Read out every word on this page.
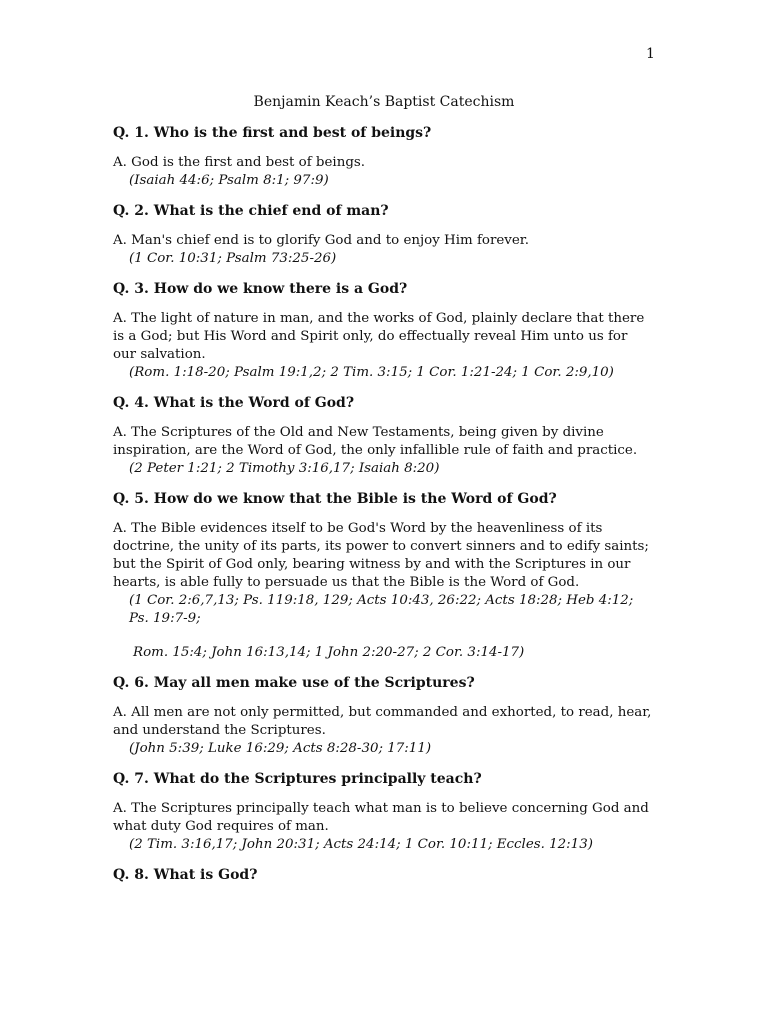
1
Benjamin Keach’s Baptist Catechism

Q. 1. Who is the first and best of beings?

A. God is the first and best of beings.

(Isaiah 44:6; Psalm 8:1; 97:9)

Q. 2. What is the chief end of man?

A. Man's chief end is to glorify God and to enjoy Him forever.

(1 Cor. 10:31; Psalm 73:25-26)

Q. 3. How do we know there is a God?

A. The light of nature in man, and the works of God, plainly declare that there is a God; but His Word and Spirit only, do effectually reveal Him unto us for our salvation.

(Rom. 1:18-20; Psalm 19:1,2; 2 Tim. 3:15; 1 Cor. 1:21-24; 1 Cor. 2:9,10)

Q. 4. What is the Word of God?

A. The Scriptures of the Old and New Testaments, being given by divine inspiration, are the Word of God, the only infallible rule of faith and practice.

(2 Peter 1:21; 2 Timothy 3:16,17; Isaiah 8:20)

Q. 5. How do we know that the Bible is the Word of God?

A. The Bible evidences itself to be God's Word by the heavenliness of its doctrine, the unity of its parts, its power to convert sinners and to edify saints; but the Spirit of God only, bearing witness by and with the Scriptures in our hearts, is able fully to persuade us that the Bible is the Word of God.

(1 Cor. 2:6,7,13; Ps. 119:18, 129; Acts 10:43, 26:22; Acts 18:28; Heb 4:12; Ps. 19:7-9;

Rom. 15:4; John 16:13,14; 1 John 2:20-27; 2 Cor. 3:14-17)

Q. 6. May all men make use of the Scriptures?

A. All men are not only permitted, but commanded and exhorted, to read, hear, and understand the Scriptures.

(John 5:39; Luke 16:29; Acts 8:28-30; 17:11)

Q. 7. What do the Scriptures principally teach?

A. The Scriptures principally teach what man is to believe concerning God and what duty God requires of man.

(2 Tim. 3:16,17; John 20:31; Acts 24:14; 1 Cor. 10:11; Eccles. 12:13)

Q. 8. What is God?
